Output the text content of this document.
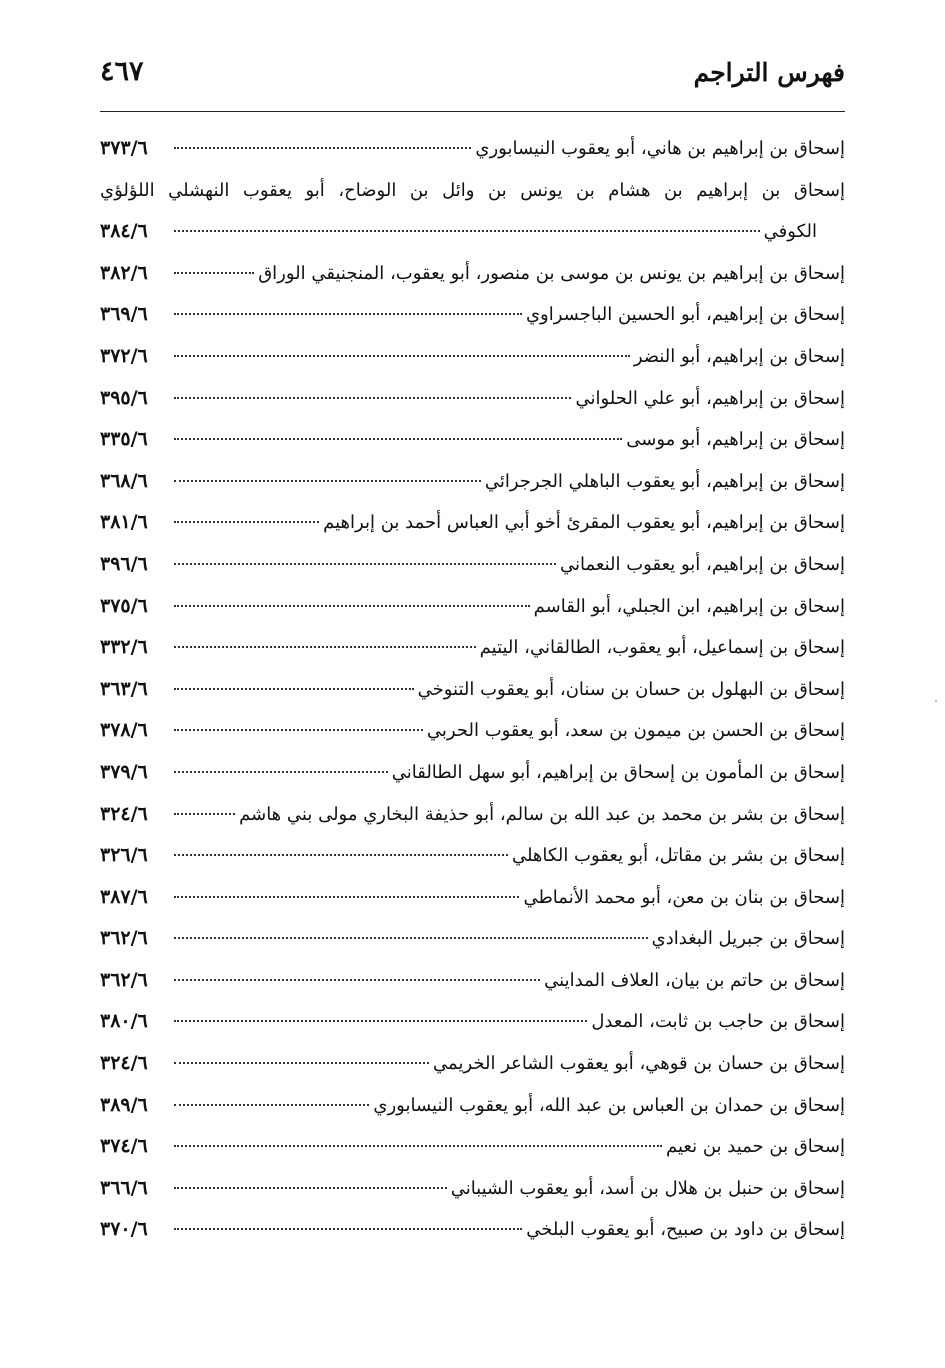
فهرس التراجم
٤٦٧
إسحاق بن إبراهيم بن هاني، أبو يعقوب النيسابوري
٣٧٣/٦
إسحاق بن إبراهيم بن هشام بن يونس بن وائل بن الوضاح، أبو يعقوب النهشلي اللؤلؤي
الكوفي
٣٨٤/٦
إسحاق بن إبراهيم بن يونس بن موسى بن منصور، أبو يعقوب، المنجنيقي الوراق
٣٨٢/٦
إسحاق بن إبراهيم، أبو الحسين الباجسراوي
٣٦٩/٦
إسحاق بن إبراهيم، أبو النضر
٣٧٢/٦
إسحاق بن إبراهيم، أبو علي الحلواني
٣٩٥/٦
إسحاق بن إبراهيم، أبو موسى
٣٣٥/٦
إسحاق بن إبراهيم، أبو يعقوب الباهلي الجرجرائي
٣٦٨/٦
إسحاق بن إبراهيم، أبو يعقوب المقرئ أخو أبي العباس أحمد بن إبراهيم
٣٨١/٦
إسحاق بن إبراهيم، أبو يعقوب النعماني
٣٩٦/٦
إسحاق بن إبراهيم، ابن الجبلي، أبو القاسم
٣٧٥/٦
إسحاق بن إسماعيل، أبو يعقوب، الطالقاني، اليتيم
٣٣٢/٦
إسحاق بن البهلول بن حسان بن سنان، أبو يعقوب التنوخي
٣٦٣/٦
إسحاق بن الحسن بن ميمون بن سعد، أبو يعقوب الحربي
٣٧٨/٦
إسحاق بن المأمون بن إسحاق بن إبراهيم، أبو سهل الطالقاني
٣٧٩/٦
إسحاق بن بشر بن محمد بن عبد الله بن سالم، أبو حذيفة البخاري مولى بني هاشم
٣٢٤/٦
إسحاق بن بشر بن مقاتل، أبو يعقوب الكاهلي
٣٢٦/٦
إسحاق بن بنان بن معن، أبو محمد الأنماطي
٣٨٧/٦
إسحاق بن جبريل البغدادي
٣٦٢/٦
إسحاق بن حاتم بن بيان، العلاف المدايني
٣٦٢/٦
إسحاق بن حاجب بن ثابت، المعدل
٣٨٠/٦
إسحاق بن حسان بن قوهي، أبو يعقوب الشاعر الخريمي
٣٢٤/٦
إسحاق بن حمدان بن العباس بن عبد الله، أبو يعقوب النيسابوري
٣٨٩/٦
إسحاق بن حميد بن نعيم
٣٧٤/٦
إسحاق بن حنبل بن هلال بن أسد، أبو يعقوب الشيباني
٣٦٦/٦
إسحاق بن داود بن صبيح، أبو يعقوب البلخي
٣٧٠/٦
